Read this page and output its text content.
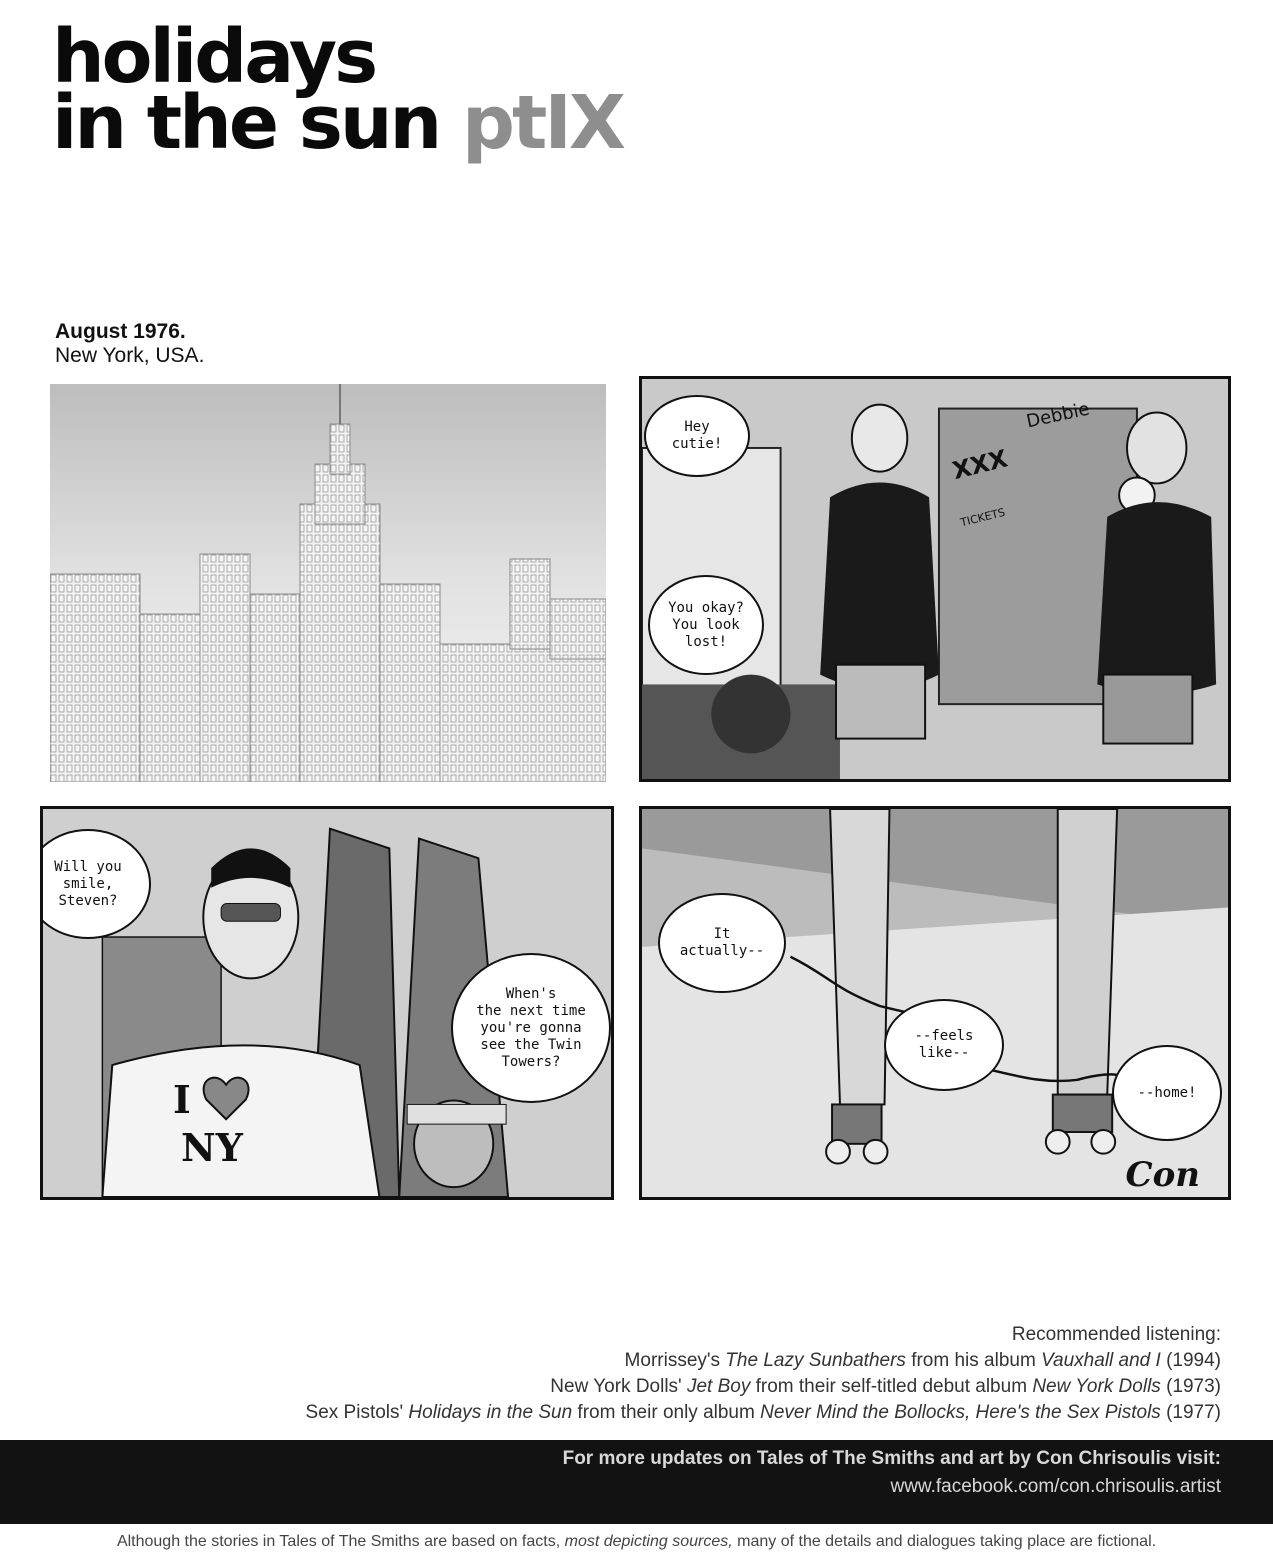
holidays
in the sun ptIX
August 1976.
New York, USA.
XXX
Debbie
TICKETS
Hey
cutie!
You okay?
You look
lost!
I
NY
Will you
smile,
Steven?
When's
the next time
you're gonna
see the Twin
Towers?
It
actually--
--feels
like--
--home!
Con
Recommended listening:
Morrissey's The Lazy Sunbathers from his album Vauxhall and I (1994)
New York Dolls' Jet Boy from their self-titled debut album New York Dolls (1973)
Sex Pistols' Holidays in the Sun from their only album Never Mind the Bollocks, Here's the Sex Pistols (1977)
For more updates on Tales of The Smiths and art by Con Chrisoulis visit:
www.facebook.com/con.chrisoulis.artist
Although the stories in Tales of The Smiths are based on facts, most depicting sources, many of the details and dialogues taking place are fictional.
